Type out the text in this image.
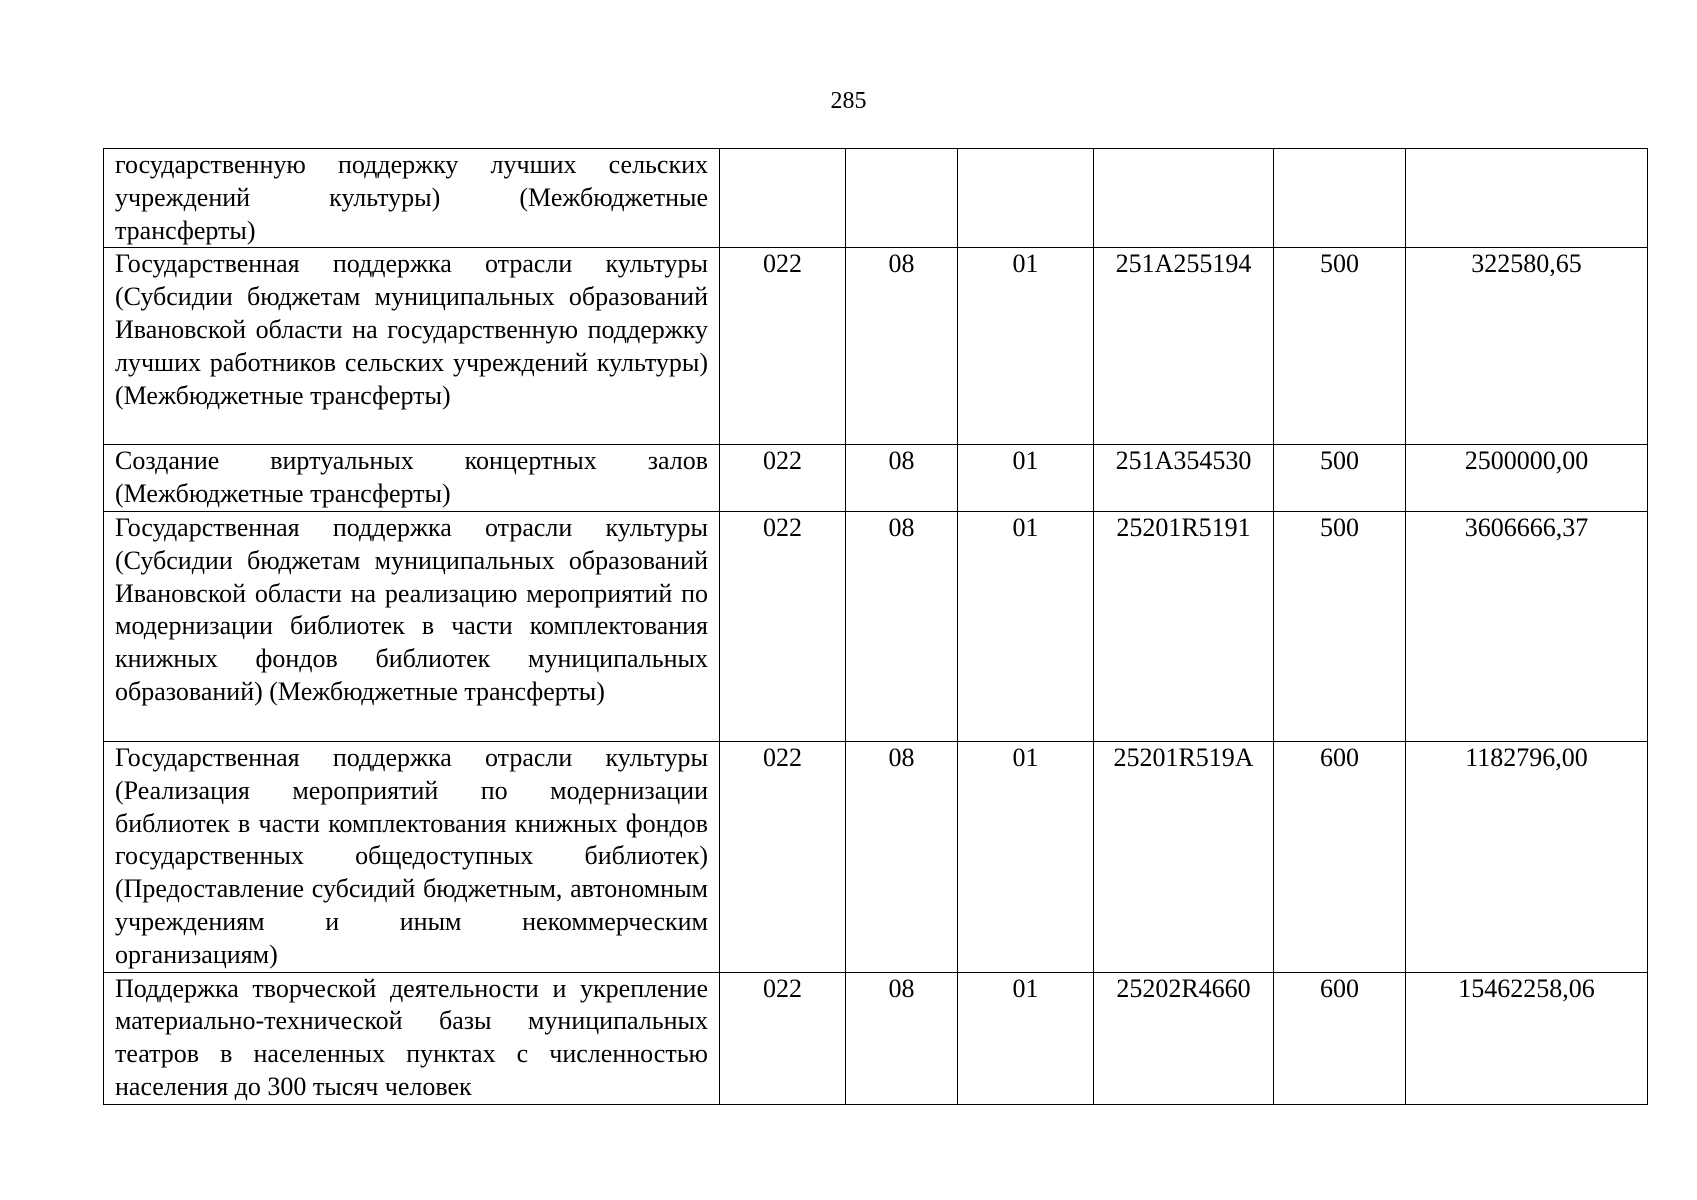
285
государственную поддержку лучших сельских учреждений культуры) (Межбюджетные трансферты)						
Государственная поддержка отрасли культуры (Субсидии бюджетам муниципальных образований Ивановской области на государственную поддержку лучших работников сельских учреждений культуры) (Межбюджетные трансферты)	022	08	01	251A255194	500	322580,65
Создание виртуальных концертных залов (Межбюджетные трансферты)	022	08	01	251A354530	500	2500000,00
Государственная поддержка отрасли культуры (Субсидии бюджетам муниципальных образований Ивановской области на реализацию мероприятий по модернизации библиотек в части комплектования книжных фондов библиотек муниципальных образований) (Межбюджетные трансферты)	022	08	01	25201R5191	500	3606666,37
Государственная поддержка отрасли культуры (Реализация мероприятий по модернизации библиотек в части комплектования книжных фондов государственных общедоступных библиотек) (Предоставление субсидий бюджетным, автономным учреждениям и иным некоммерческим организациям)	022	08	01	25201R519A	600	1182796,00
Поддержка творческой деятельности и укрепление материально-технической базы муниципальных театров в населенных пунктах с численностью населения до 300 тысяч человек	022	08	01	25202R4660	600	15462258,06
